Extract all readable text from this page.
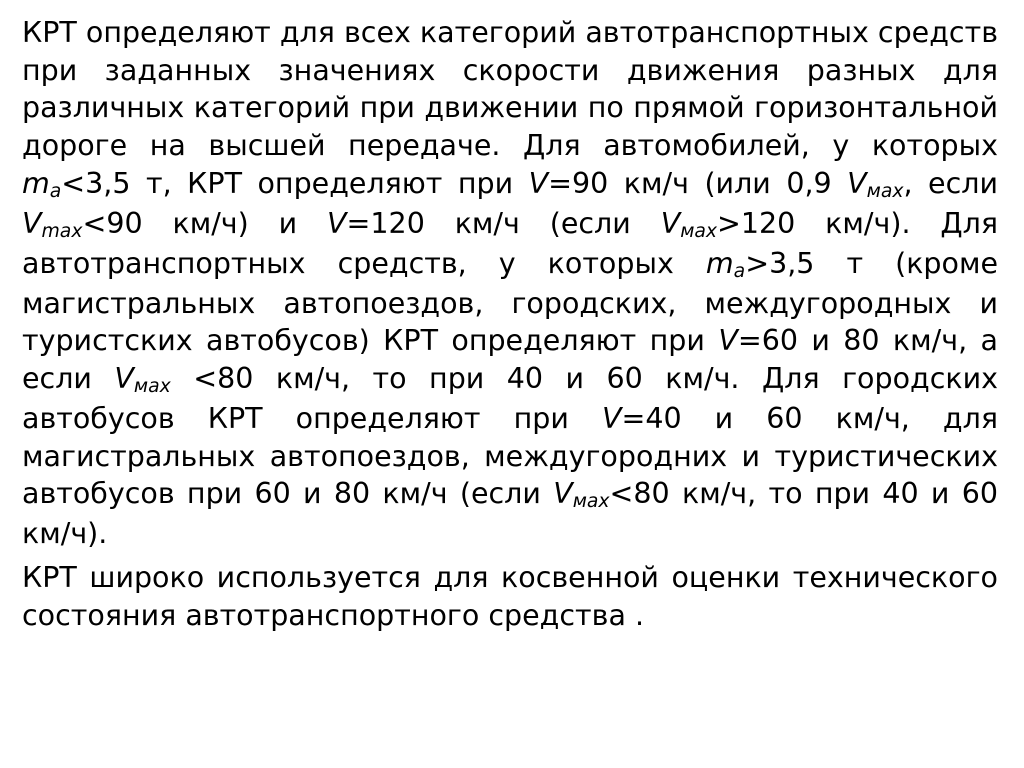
КРТ определяют для всех категорий автотранспортных средств при заданных значениях скорости движения разных для различных категорий при движении по прямой горизонтальной дороге на высшей передаче. Для автомобилей, у которых $m_a<3,5$ т, КРТ определяют при V=90 км/ч (или 0,9 $V_{мах}$, если $V_{mах}<90$ км/ч) и V=120 км/ч (если $V_{мах}>120$ км/ч). Для автотранспортных средств, у которых $m_a>3,5$ т (кроме магистральных автопоездов, городских, междугородных и туристских автобусов) КРТ определяют при V=60 и 80 км/ч, а если $V_{мах} <80$ км/ч, то при 40 и 60 км/ч. Для городских автобусов КРТ определяют при V=40 и 60 км/ч, для магистральных автопоездов, междугородних и туристических автобусов при 60 и 80 км/ч (если $V_{мах}<80$ км/ч, то при 40 и 60 км/ч).

КРТ широко используется для косвенной оценки технического состояния автотранспортного средства .
